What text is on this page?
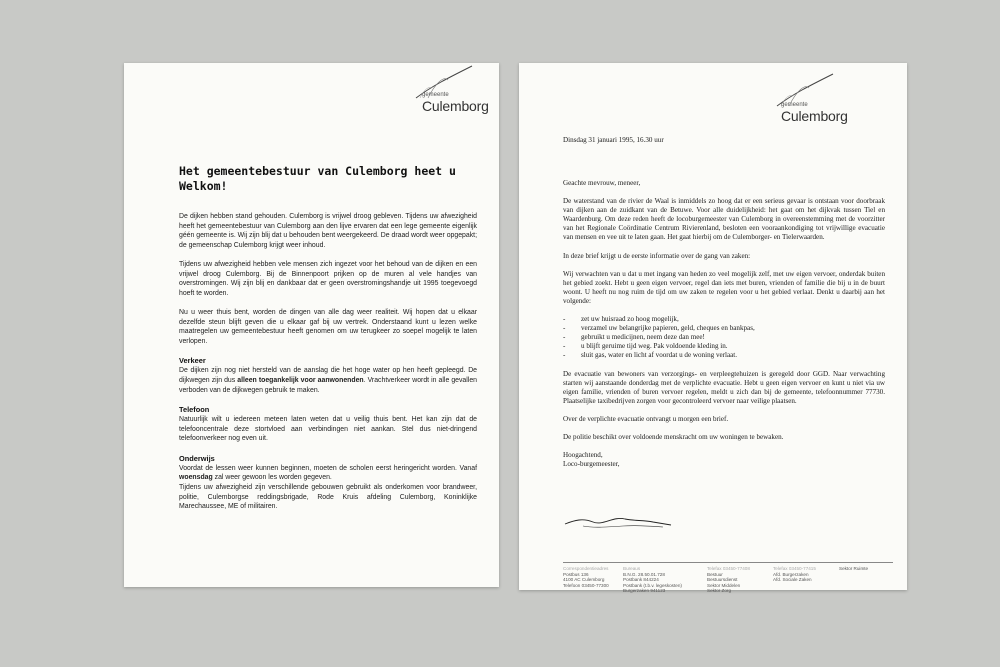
gemeente
Culemborg
Het gemeentebestuur van Culemborg heet u Welkom!

De dijken hebben stand gehouden. Culemborg is vrijwel droog gebleven. Tijdens uw afwezigheid heeft het gemeentebestuur van Culemborg aan den lijve ervaren dat een lege gemeente eigenlijk géén gemeente is. Wij zijn blij dat u behouden bent weergekeerd. De draad wordt weer opgepakt; de gemeenschap Culemborg krijgt weer inhoud.

Tijdens uw afwezigheid hebben vele mensen zich ingezet voor het behoud van de dijken en een vrijwel droog Culemborg. Bij de Binnenpoort prijken op de muren al vele handjes van overstromingen. Wij zijn blij en dankbaar dat er geen overstromingshandje uit 1995 toegevoegd hoeft te worden.

Nu u weer thuis bent, worden de dingen van alle dag weer realiteit. Wij hopen dat u elkaar dezelfde steun blijft geven die u elkaar gaf bij uw vertrek. Onderstaand kunt u lezen welke maatregelen uw gemeentebestuur heeft genomen om uw terugkeer zo soepel mogelijk te laten verlopen.

Verkeer

De dijken zijn nog niet hersteld van de aanslag die het hoge water op hen heeft gepleegd. De dijkwegen zijn dus alleen toegankelijk voor aanwonenden. Vrachtverkeer wordt in alle gevallen verboden van de dijkwegen gebruik te maken.

Telefoon

Natuurlijk wilt u iedereen meteen laten weten dat u veilig thuis bent. Het kan zijn dat de telefooncentrale deze stortvloed aan verbindingen niet aankan. Stel dus niet-dringend telefoonverkeer nog even uit.

Onderwijs

Voordat de lessen weer kunnen beginnen, moeten de scholen eerst heringericht worden. Vanaf woensdag zal weer gewoon les worden gegeven.

Tijdens uw afwezigheid zijn verschillende gebouwen gebruikt als onderkomen voor brandweer, politie, Culemborgse reddingsbrigade, Rode Kruis afdeling Culemborg, Koninklijke Marechaussee, ME of militairen.

gemeente
Culemborg
Dinsdag 31 januari 1995, 16.30 uur

Geachte mevrouw, meneer,

De waterstand van de rivier de Waal is inmiddels zo hoog dat er een serieus gevaar is ontstaan voor doorbraak van dijken aan de zuidkant van de Betuwe. Voor alle duidelijkheid: het gaat om het dijkvak tussen Tiel en Waardenburg. Om deze reden heeft de locoburgemeester van Culemborg in overeenstemming met de voorzitter van het Regionale Coördinatie Centrum Rivierenland, besloten een vooraankondiging tot vrijwillige evacuatie van mensen en vee uit te laten gaan. Het gaat hierbij om de Culemborger- en Tielerwaarden.

In deze brief krijgt u de eerste informatie over de gang van zaken:

Wij verwachten van u dat u met ingang van heden zo veel mogelijk zelf, met uw eigen vervoer, onderdak buiten het gebied zoekt. Hebt u geen eigen vervoer, regel dan iets met buren, vrienden of familie die bij u in de buurt woont. U heeft nu nog ruim de tijd om uw zaken te regelen voor u het gebied verlaat. Denkt u daarbij aan het volgende:

-	zet uw huisraad zo hoog mogelijk,
-	verzamel uw belangrijke papieren, geld, cheques en bankpas,
-	gebruikt u medicijnen, neem deze dan mee!
-	u blijft geruime tijd weg. Pak voldoende kleding in.
-	sluit gas, water en licht af voordat u de woning verlaat.

De evacuatie van bewoners van verzorgings- en verpleegtehuizen is geregeld door GGD. Naar verwachting starten wij aanstaande donderdag met de verplichte evacuatie. Hebt u geen eigen vervoer en kunt u niet via uw eigen familie, vrienden of buren vervoer regelen, meldt u zich dan bij de gemeente, telefoonnummer 77730. Plaatselijke taxibedrijven zorgen voor gecontroleerd vervoer naar veilige plaatsen.

Over de verplichte evacuatie ontvangt u morgen een brief.

De politie beschikt over voldoende menskracht om uw woningen te bewaken.

Hoogachtend,
Loco-burgemeester,
Correspondentieadres
Postbus 136
4100 AC Culemborg
Telefoon 03450-77300
Bureaus
B.N.G. 28.50.01.728
Postbank 844224
Postbank (t.b.v. legeskosten)
Burgerzaken 941123
Telefax 03450-77408
Bestuur
Bestuursdienst
Sektor Middelen
Sektor Zorg
Telefax 03450-77415
Afd. Burgerzaken
Afd. Sociale Zaken
Sektor Ruimte
